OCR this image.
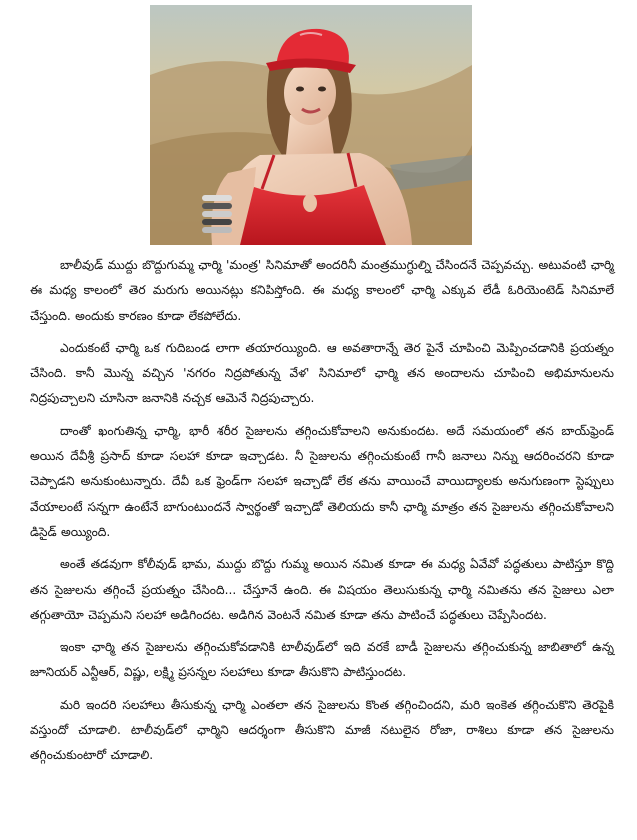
బాలీవుడ్ ముద్దు బొద్దుగుమ్మ ఛార్మి 'మంత్ర' సినిమాతో అందరినీ మంత్రముగ్ధుల్ని చేసిందనే చెప్పవచ్చు. అటువంటి ఛార్మి ఈ మధ్య కాలంలో తెర మరుగు అయినట్లు కనిపిస్తోంది. ఈ మధ్య కాలంలో ఛార్మి ఎక్కువ లేడీ ఓరియెంటెడ్ సినిమాలే చేస్తుంది. అందుకు కారణం కూడా లేకపోలేదు.

ఎందుకంటే ఛార్మి ఒక గుదిబండ లాగా తయారయ్యింది. ఆ అవతారాన్నే తెర పైనే చూపించి మెప్పించడానికి ప్రయత్నం చేసింది. కానీ మొన్న వచ్చిన 'నగరం నిద్రపోతున్న వేళ' సినిమాలో ఛార్మి తన అందాలను చూపించి అభిమానులను నిద్రపుచ్చాలని చూసినా జనానికి నచ్చక ఆమెనే నిద్రపుచ్చారు.

దాంతో ఖంగుతిన్న ఛార్మి, భారీ శరీర సైజులను తగ్గించుకోవాలని అనుకుందట. అదే సమయంలో తన బాయ్‌ఫ్రెండ్ అయిన దేవీశ్రీ ప్రసాద్ కూడా సలహా కూడా ఇచ్చాడట. నీ సైజులను తగ్గించుకుంటే గానీ జనాలు నిన్ను ఆదరించరని కూడా చెప్పాడని అనుకుంటున్నారు. దేవీ ఒక ఫ్రెండ్‌గా సలహా ఇచ్చాడో లేక తను వాయించే వాయిద్యాలకు అనుగుణంగా స్టెప్పులు వేయాలంటే సన్నగా ఉంటేనే బాగుంటుందనే స్వార్థంతో ఇచ్చాడో తెలియదు కానీ ఛార్మి మాత్రం తన సైజులను తగ్గించుకోవాలని డిసైడ్ అయ్యింది.

అంతే తడవుగా కోలీవుడ్ భామ, ముద్దు బొద్దు గుమ్మ అయిన నమిత కూడా ఈ మధ్య ఏవేవో పద్ధతులు పాటిస్తూ కొద్ది తన సైజులను తగ్గించే ప్రయత్నం చేసింది... చేస్తూనే ఉంది. ఈ విషయం తెలుసుకున్న ఛార్మి నమితను తన సైజులు ఎలా తగ్గుతాయో చెప్పమని సలహా అడిగిందట. అడిగిన వెంటనే నమిత కూడా తను పాటించే పద్ధతులు చెప్పేసిందట.

ఇంకా ఛార్మి తన సైజులను తగ్గించుకోవడానికి టాలీవుడ్‌లో ఇది వరకే బాడీ సైజులను తగ్గించుకున్న జాబితాలో ఉన్న జూనియర్ ఎన్టీఆర్, విష్ణు, లక్ష్మి ప్రసన్నల సలహాలు కూడా తీసుకొని పాటిస్తుందట.

మరి ఇందరి సలహాలు తీసుకున్న ఛార్మి ఎంతలా తన సైజులను కొంత తగ్గించిందని, మరి ఇంకెత తగ్గించుకొని తెరపైకి వస్తుందో చూడాలి. టాలీవుడ్‌లో ఛార్మిని ఆదర్శంగా తీసుకొని మాజీ నటులైన రోజా, రాశిలు కూడా తన సైజులను తగ్గించుకుంటారో చూడాలి.
